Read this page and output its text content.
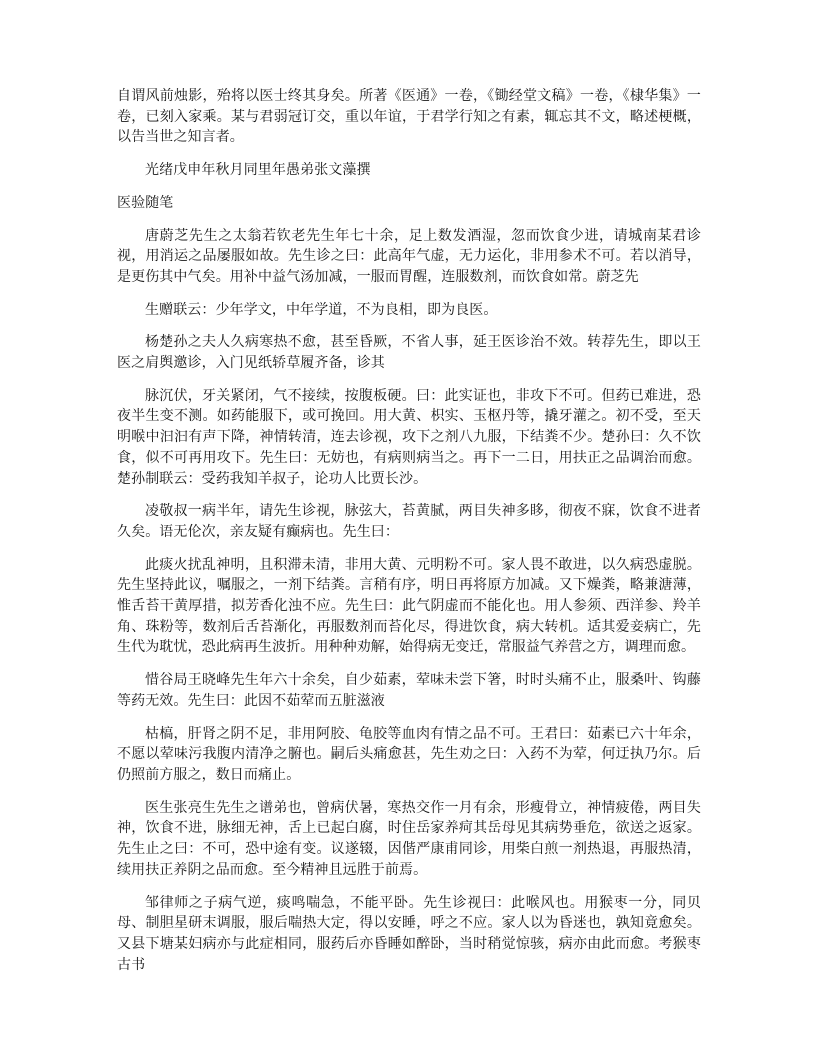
自谓风前烛影，殆将以医士终其身矣。所著《医通》一卷，《锄经堂文稿》一卷，《棣华集》一卷，已刻入家乘。某与君弱冠订交，重以年谊，于君学行知之有素，辄忘其不文，略述梗概，以告当世之知言者。

光绪戊申年秋月同里年愚弟张文藻撰

医验随笔

唐蔚芝先生之太翁若钦老先生年七十余，足上数发酒湿，忽而饮食少进，请城南某君诊视，用消运之品屡服如故。先生诊之曰：此高年气虚，无力运化，非用参术不可。若以消导，是更伤其中气矣。用补中益气汤加减，一服而胃醒，连服数剂，而饮食如常。蔚芝先

生赠联云：少年学文，中年学道，不为良相，即为良医。

杨楚孙之夫人久病寒热不愈，甚至昏厥，不省人事，延王医诊治不效。转荐先生，即以王医之肩舆邀诊，入门见纸轿草履齐备，诊其

脉沉伏，牙关紧闭，气不接续，按腹板硬。曰：此实证也，非攻下不可。但药已难进，恐夜半生变不测。如药能服下，或可挽回。用大黄、枳实、玉枢丹等，撬牙灌之。初不受，至天明喉中汩汩有声下降，神情转清，连去诊视，攻下之剂八九服，下结粪不少。楚孙曰：久不饮食，似不可再用攻下。先生曰：无妨也，有病则病当之。再下一二日，用扶正之品调治而愈。楚孙制联云：受药我知羊叔子，论功人比贾长沙。

凌敬叔一病半年，请先生诊视，脉弦大，苔黄腻，两目失神多眵，彻夜不寐，饮食不进者久矣。语无伦次，亲友疑有癫病也。先生曰：

此痰火扰乱神明，且积滞未清，非用大黄、元明粉不可。家人畏不敢进，以久病恐虚脱。先生坚持此议，嘱服之，一剂下结粪。言稍有序，明日再将原方加减。又下燥粪，略兼溏薄，惟舌苔干黄厚措，拟芳香化浊不应。先生曰：此气阴虚而不能化也。用人参须、西洋参、羚羊角、珠粉等，数剂后舌苔渐化，再服数剂而苔化尽，得进饮食，病大转机。适其爱妾病亡，先生代为耽忧，恐此病再生波折。用种种劝解，始得病无变迁，常服益气养营之方，调理而愈。

惜谷局王晓峰先生年六十余矣，自少茹素，荤味未尝下箸，时时头痛不止，服桑叶、钩藤等药无效。先生曰：此因不茹荤而五脏滋液

枯槁，肝肾之阴不足，非用阿胶、龟胶等血肉有情之品不可。王君曰：茹素已六十年余，不愿以荤味污我腹内清净之腑也。嗣后头痛愈甚，先生劝之曰：入药不为荤，何迂执乃尔。后仍照前方服之，数日而痛止。

医生张亮生先生之谱弟也，曾病伏暑，寒热交作一月有余，形瘦骨立，神情疲倦，两目失神，饮食不进，脉细无神，舌上已起白腐，时住岳家养疴其岳母见其病势垂危，欲送之返家。先生止之曰：不可，恐中途有变。议遂辍，因偕严康甫同诊，用柴白煎一剂热退，再服热清，续用扶正养阴之品而愈。至今精神且远胜于前焉。

邹律师之子病气逆，痰鸣喘急，不能平卧。先生诊视曰：此喉风也。用猴枣一分，同贝母、制胆星研末调服，服后喘热大定，得以安睡，呼之不应。家人以为昏迷也，孰知竟愈矣。又县下塘某妇病亦与此症相同，服药后亦昏睡如醉卧，当时稍觉惊骇，病亦由此而愈。考猴枣古书
